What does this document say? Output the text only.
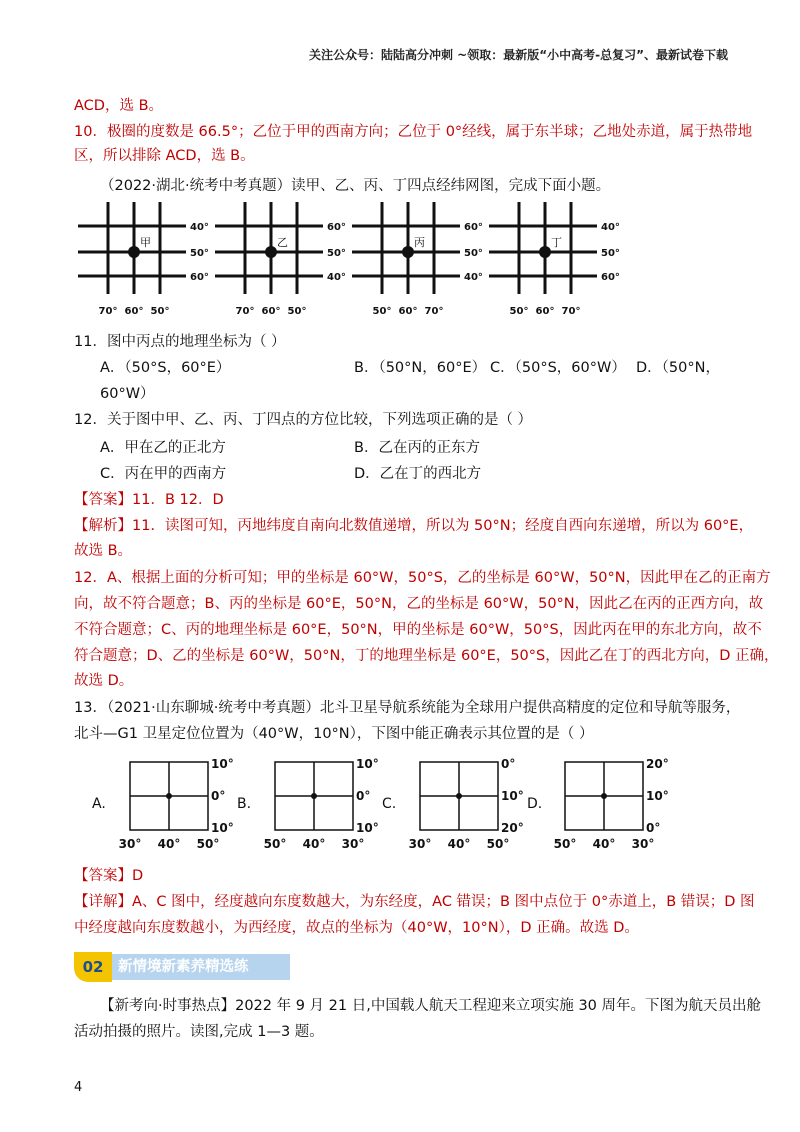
关注公众号：陆陆高分冲刺 ~领取：最新版“小中高考-总复习”、最新试卷下载
ACD，选 B。
10．极圈的度数是 66.5°；乙位于甲的西南方向；乙位于 0°经线，属于东半球；乙地处赤道，属于热带地
区，所以排除 ACD，选 B。
（2022·湖北·统考中考真题）读甲、乙、丙、丁四点经纬网图，完成下面小题。
甲
40°
50°
60°
70° 60° 50°
乙
60°
50°
40°
70° 60° 50°
丙
60°
50°
40°
50° 60° 70°
丁
40°
50°
60°
50° 60° 70°
11．图中丙点的地理坐标为（ ）
A．（50°S，60°E）	B．（50°N，60°E） C．（50°S，60°W） D．（50°N，
60°W）
12．关于图中甲、乙、丙、丁四点的方位比较，下列选项正确的是（ ）
A．甲在乙的正北方	B．乙在丙的正东方
C．丙在甲的西南方	D．乙在丁的西北方
【答案】11．B 12．D
【解析】11．读图可知，丙地纬度自南向北数值递增，所以为 50°N；经度自西向东递增，所以为 60°E，
故选 B。
12．A、根据上面的分析可知；甲的坐标是 60°W，50°S，乙的坐标是 60°W，50°N，因此甲在乙的正南方
向，故不符合题意；B、丙的坐标是 60°E，50°N，乙的坐标是 60°W，50°N，因此乙在丙的正西方向，故
不符合题意；C、丙的地理坐标是 60°E，50°N，甲的坐标是 60°W，50°S，因此丙在甲的东北方向，故不
符合题意；D、乙的坐标是 60°W，50°N，丁的地理坐标是 60°E，50°S，因此乙在丁的西北方向，D 正确，
故选 D。
13．（2021·山东聊城·统考中考真题）北斗卫星导航系统能为全球用户提供高精度的定位和导航等服务，
北斗—G1 卫星定位位置为（40°W，10°N），下图中能正确表示其位置的是（ ）
A.
10°
0°
10°
30° 40° 50°
B.
10°
0°
10°
50° 40° 30°
C.
0°
10°
20°
30° 40° 50°
D.
20°
10°
0°
50° 40° 30°
【答案】D
【详解】A、C 图中，经度越向东度数越大，为东经度，AC 错误；B 图中点位于 0°赤道上，B 错误；D 图
中经度越向东度数越小，为西经度，故点的坐标为（40°W，10°N），D 正确。故选 D。
新情境新素养精选练
02
【新考向·时事热点】2022 年 9 月 21 日,中国载人航天工程迎来立项实施 30 周年。下图为航天员出舱
活动拍摄的照片。读图,完成 1—3 题。
4
